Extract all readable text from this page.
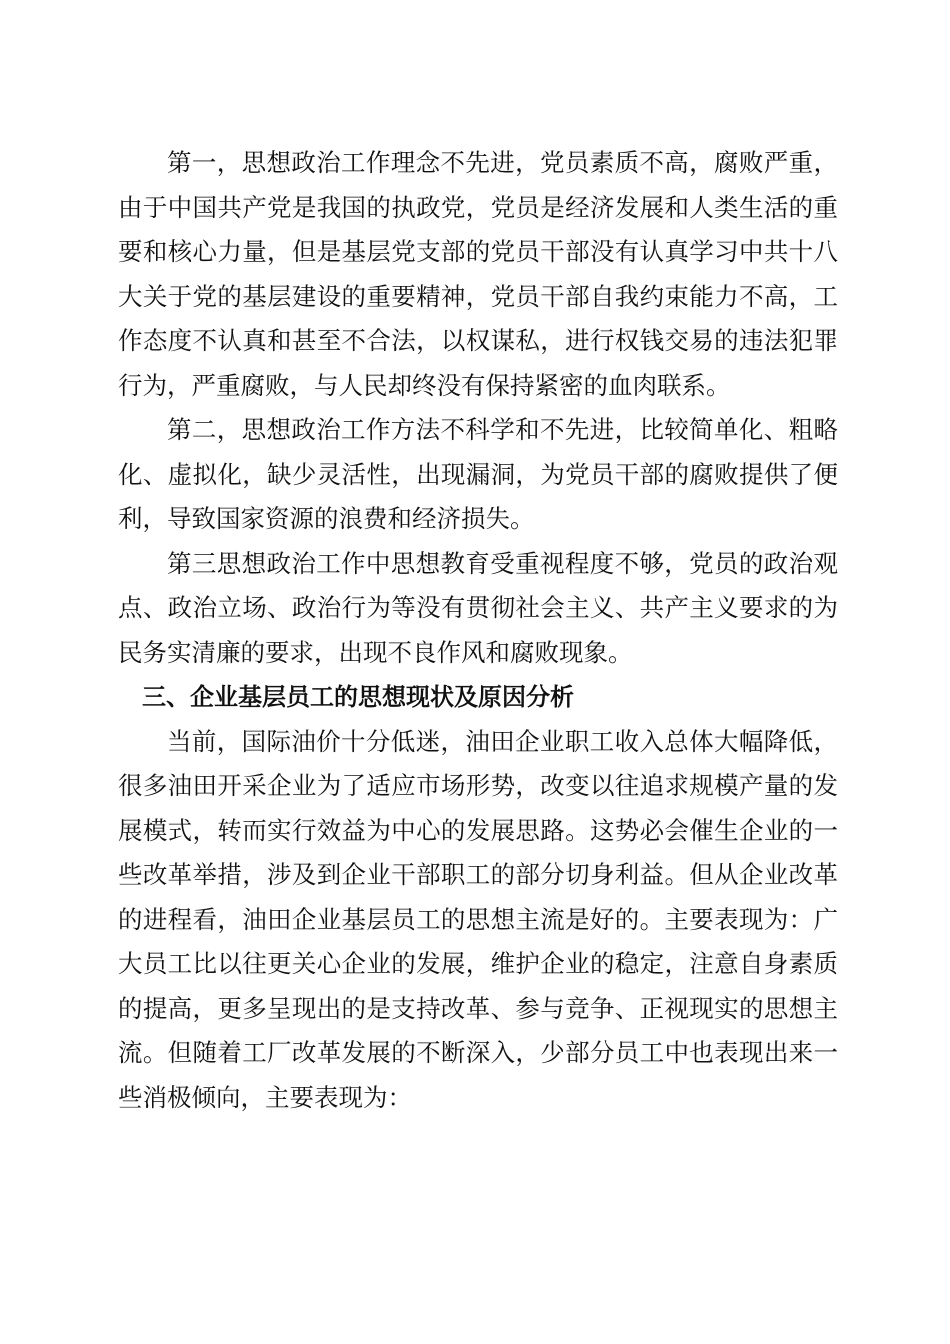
第一，思想政治工作理念不先进，党员素质不高，腐败严重，由于中国共产党是我国的执政党，党员是经济发展和人类生活的重要和核心力量，但是基层党支部的党员干部没有认真学习中共十八大关于党的基层建设的重要精神，党员干部自我约束能力不高，工作态度不认真和甚至不合法，以权谋私，进行权钱交易的违法犯罪行为，严重腐败，与人民却终没有保持紧密的血肉联系。

第二，思想政治工作方法不科学和不先进，比较简单化、粗略化、虚拟化，缺少灵活性，出现漏洞，为党员干部的腐败提供了便利，导致国家资源的浪费和经济损失。

第三思想政治工作中思想教育受重视程度不够，党员的政治观点、政治立场、政治行为等没有贯彻社会主义、共产主义要求的为民务实清廉的要求，出现不良作风和腐败现象。

三、企业基层员工的思想现状及原因分析

当前，国际油价十分低迷，油田企业职工收入总体大幅降低，很多油田开采企业为了适应市场形势，改变以往追求规模产量的发展模式，转而实行效益为中心的发展思路。这势必会催生企业的一些改革举措，涉及到企业干部职工的部分切身利益。但从企业改革的进程看，油田企业基层员工的思想主流是好的。主要表现为：广大员工比以往更关心企业的发展，维护企业的稳定，注意自身素质的提高，更多呈现出的是支持改革、参与竞争、正视现实的思想主流。但随着工厂改革发展的不断深入，少部分员工中也表现出来一些消极倾向，主要表现为：
